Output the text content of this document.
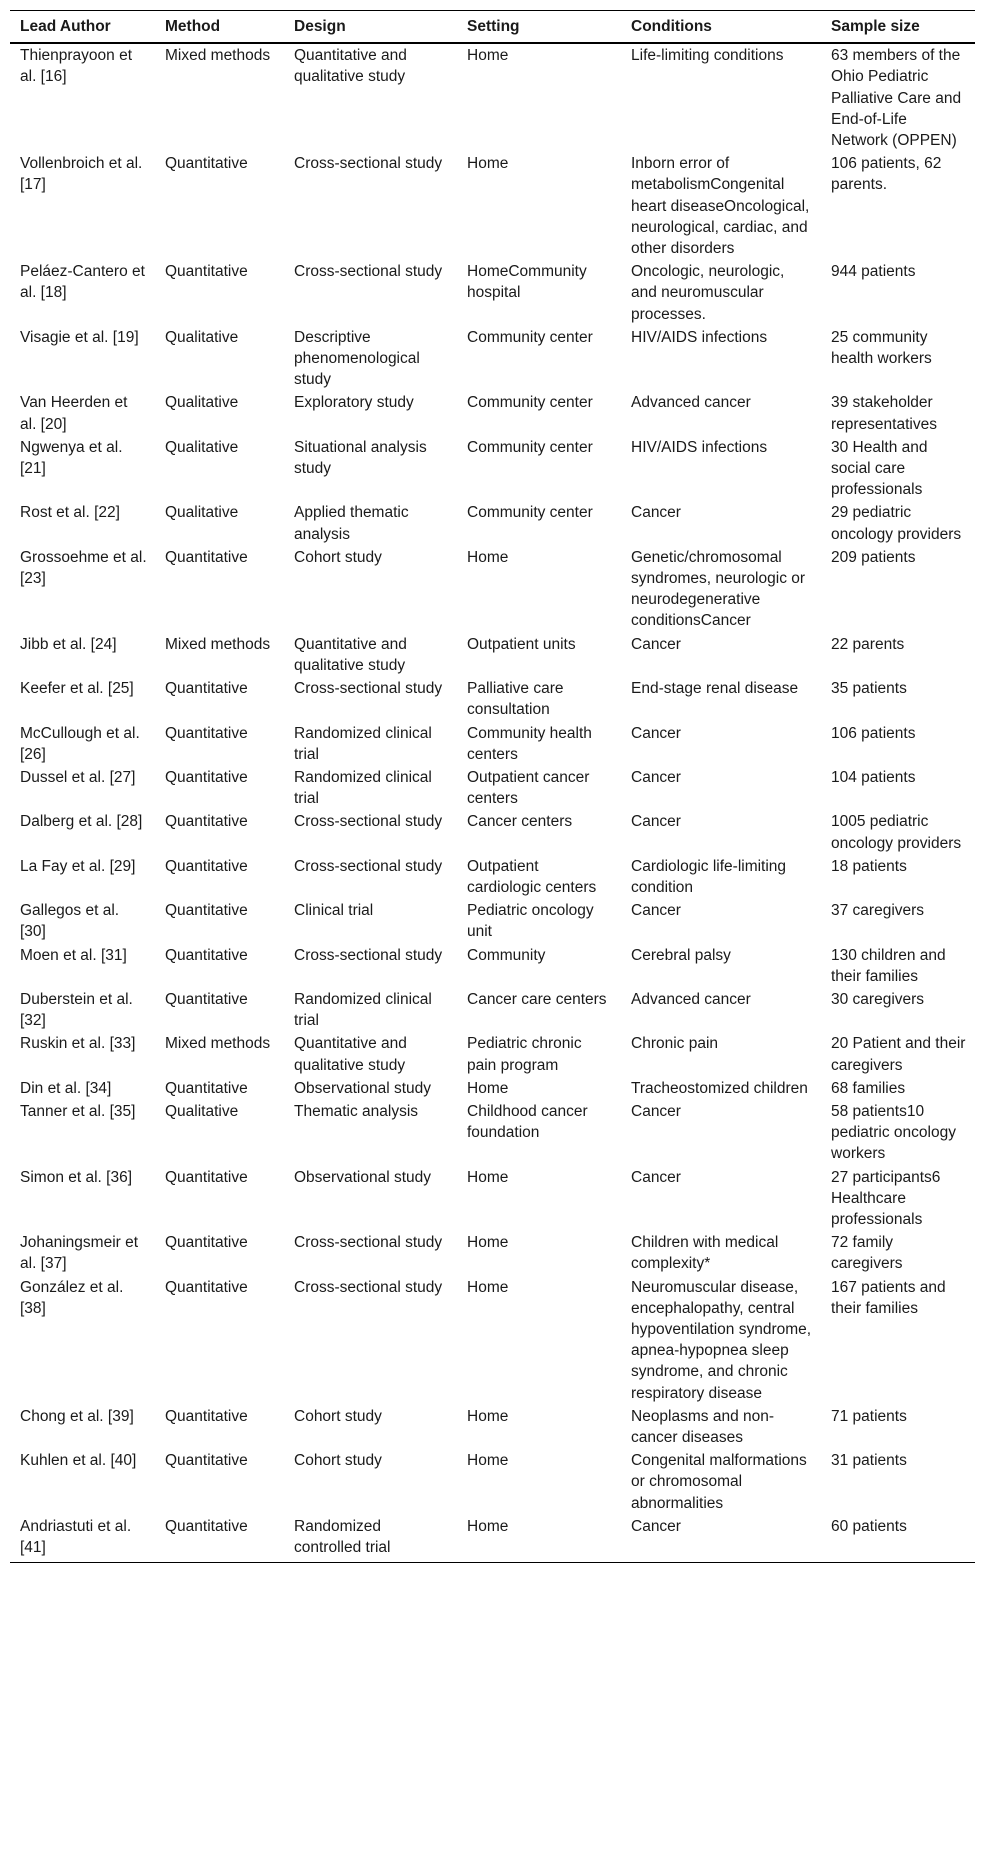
Lead Author	Method	Design	Setting	Conditions	Sample size
Thienprayoon et al. [16]	Mixed methods	Quantitative and qualitative study	Home	Life-limiting conditions	63 members of the Ohio Pediatric Palliative Care and End-of-Life Network (OPPEN)
Vollenbroich et al. [17]	Quantitative	Cross-sectional study	Home	Inborn error of metabolismCongenital heart diseaseOncological, neurological, cardiac, and other disorders	106 patients, 62 parents.
Peláez-Cantero et al. [18]	Quantitative	Cross-sectional study	HomeCommunity hospital	Oncologic, neurologic, and neuromuscular processes.	944 patients
Visagie et al. [19]	Qualitative	Descriptive phenomenological study	Community center	HIV/AIDS infections	25 community health workers
Van Heerden et al. [20]	Qualitative	Exploratory study	Community center	Advanced cancer	39 stakeholder representatives
Ngwenya et al. [21]	Qualitative	Situational analysis study	Community center	HIV/AIDS infections	30 Health and social care professionals
Rost et al. [22]	Qualitative	Applied thematic analysis	Community center	Cancer	29 pediatric oncology providers
Grossoehme et al. [23]	Quantitative	Cohort study	Home	Genetic/chromosomal syndromes, neurologic or neurodegenerative conditionsCancer	209 patients
Jibb et al. [24]	Mixed methods	Quantitative and qualitative study	Outpatient units	Cancer	22 parents
Keefer et al. [25]	Quantitative	Cross-sectional study	Palliative care consultation	End-stage renal disease	35 patients
McCullough et al. [26]	Quantitative	Randomized clinical trial	Community health centers	Cancer	106 patients
Dussel et al. [27]	Quantitative	Randomized clinical trial	Outpatient cancer centers	Cancer	104 patients
Dalberg et al. [28]	Quantitative	Cross-sectional study	Cancer centers	Cancer	1005 pediatric oncology providers
La Fay et al. [29]	Quantitative	Cross-sectional study	Outpatient cardiologic centers	Cardiologic life-limiting condition	18 patients
Gallegos et al. [30]	Quantitative	Clinical trial	Pediatric oncology unit	Cancer	37 caregivers
Moen et al. [31]	Quantitative	Cross-sectional study	Community	Cerebral palsy	130 children and their families
Duberstein et al. [32]	Quantitative	Randomized clinical trial	Cancer care centers	Advanced cancer	30 caregivers
Ruskin et al. [33]	Mixed methods	Quantitative and qualitative study	Pediatric chronic pain program	Chronic pain	20 Patient and their caregivers
Din et al. [34]	Quantitative	Observational study	Home	Tracheostomized children	68 families
Tanner et al. [35]	Qualitative	Thematic analysis	Childhood cancer foundation	Cancer	58 patients10 pediatric oncology workers
Simon et al. [36]	Quantitative	Observational study	Home	Cancer	27 participants6 Healthcare professionals
Johaningsmeir et al. [37]	Quantitative	Cross-sectional study	Home	Children with medical complexity*	72 family caregivers
González et al. [38]	Quantitative	Cross-sectional study	Home	Neuromuscular disease, encephalopathy, central hypoventilation syndrome, apnea-hypopnea sleep syndrome, and chronic respiratory disease	167 patients and their families
Chong et al. [39]	Quantitative	Cohort study	Home	Neoplasms and non-cancer diseases	71 patients
Kuhlen et al. [40]	Quantitative	Cohort study	Home	Congenital malformations or chromosomal abnormalities	31 patients
Andriastuti et al. [41]	Quantitative	Randomized controlled trial	Home	Cancer	60 patients
